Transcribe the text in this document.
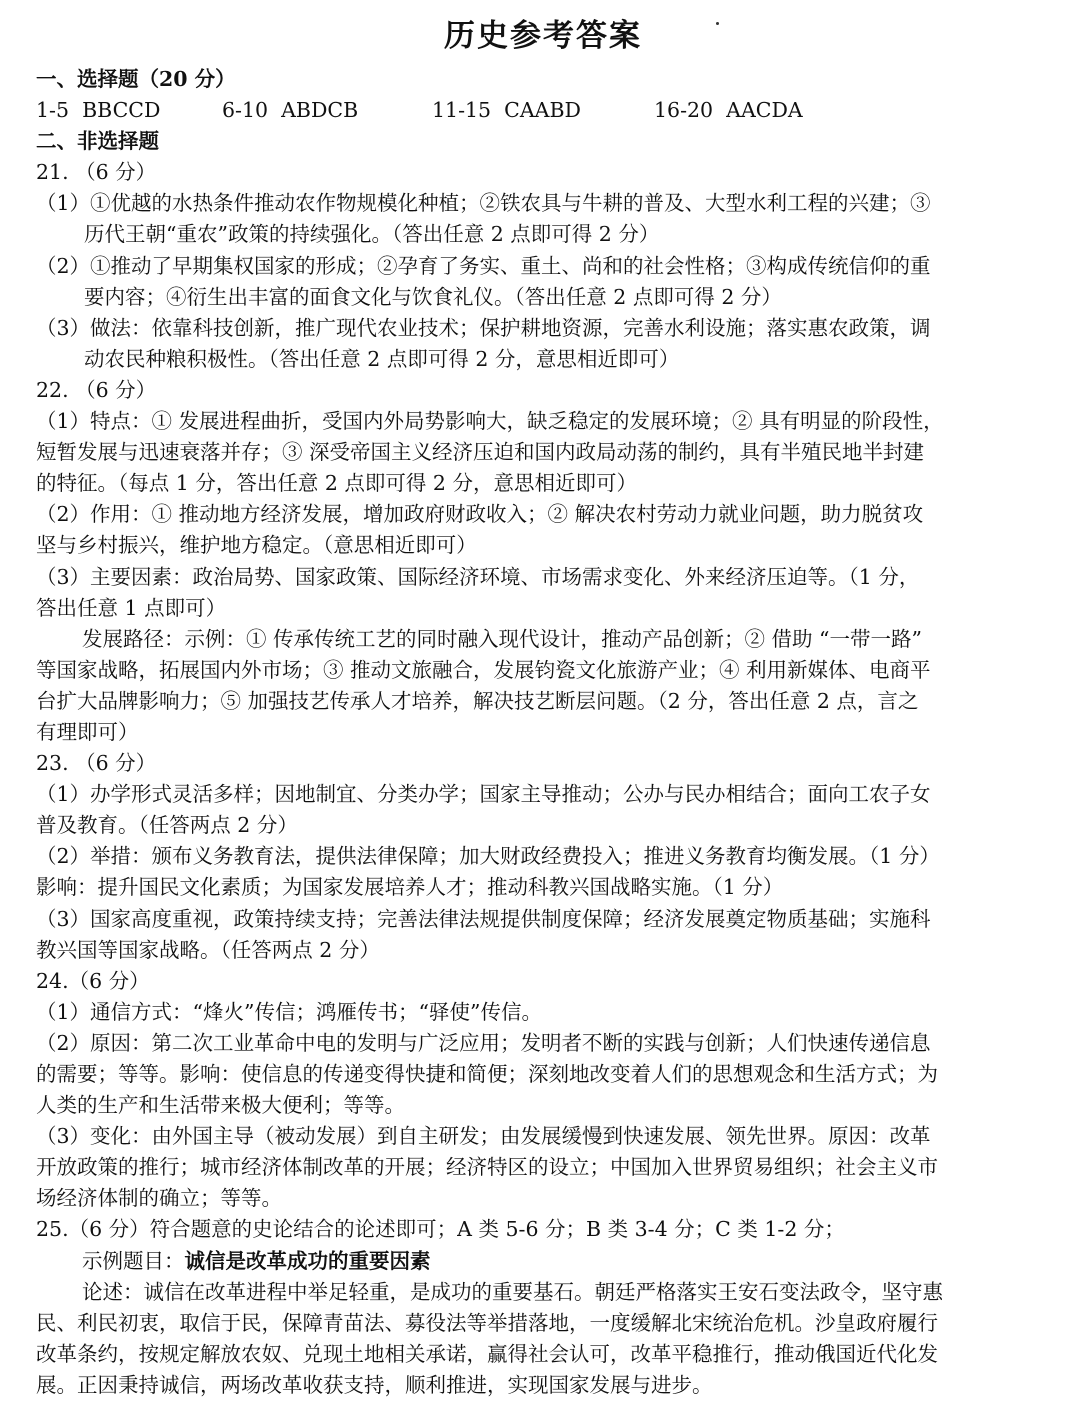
历史参考答案
一、选择题（20 分）
1-5 BBCCD	6-10 ABDCB	11-15 CAABD	16-20 AACDA
二、非选择题
21. （6 分）
（1）①优越的水热条件推动农作物规模化种植；②铁农具与牛耕的普及、大型水利工程的兴建；③
历代王朝“重农”政策的持续强化。（答出任意 2 点即可得 2 分）
（2）①推动了早期集权国家的形成；②孕育了务实、重土、尚和的社会性格；③构成传统信仰的重
要内容；④衍生出丰富的面食文化与饮食礼仪。（答出任意 2 点即可得 2 分）
（3）做法：依靠科技创新，推广现代农业技术；保护耕地资源，完善水利设施；落实惠农政策，调
动农民种粮积极性。（答出任意 2 点即可得 2 分，意思相近即可）
22. （6 分）
（1）特点：① 发展进程曲折，受国内外局势影响大，缺乏稳定的发展环境；② 具有明显的阶段性，
短暂发展与迅速衰落并存；③ 深受帝国主义经济压迫和国内政局动荡的制约，具有半殖民地半封建
的特征。（每点 1 分，答出任意 2 点即可得 2 分，意思相近即可）
（2）作用：① 推动地方经济发展，增加政府财政收入；② 解决农村劳动力就业问题，助力脱贫攻
坚与乡村振兴，维护地方稳定。（意思相近即可）
（3）主要因素：政治局势、国家政策、国际经济环境、市场需求变化、外来经济压迫等。（1 分，
答出任意 1 点即可）
发展路径：示例：① 传承传统工艺的同时融入现代设计，推动产品创新；② 借助 “一带一路”
等国家战略，拓展国内外市场；③ 推动文旅融合，发展钧瓷文化旅游产业；④ 利用新媒体、电商平
台扩大品牌影响力；⑤ 加强技艺传承人才培养，解决技艺断层问题。（2 分，答出任意 2 点，言之
有理即可）
23. （6 分）
（1）办学形式灵活多样；因地制宜、分类办学；国家主导推动；公办与民办相结合；面向工农子女
普及教育。（任答两点 2 分）
（2）举措：颁布义务教育法，提供法律保障；加大财政经费投入；推进义务教育均衡发展。（1 分）
影响：提升国民文化素质；为国家发展培养人才；推动科教兴国战略实施。（1 分）
（3）国家高度重视，政策持续支持；完善法律法规提供制度保障；经济发展奠定物质基础；实施科
教兴国等国家战略。（任答两点 2 分）
24.（6 分）
（1）通信方式：“烽火”传信；鸿雁传书；“驿使”传信。
（2）原因：第二次工业革命中电的发明与广泛应用；发明者不断的实践与创新；人们快速传递信息
的需要；等等。影响：使信息的传递变得快捷和简便；深刻地改变着人们的思想观念和生活方式；为
人类的生产和生活带来极大便利；等等。
（3）变化：由外国主导（被动发展）到自主研发；由发展缓慢到快速发展、领先世界。原因：改革
开放政策的推行；城市经济体制改革的开展；经济特区的设立；中国加入世界贸易组织；社会主义市
场经济体制的确立；等等。
25.（6 分）符合题意的史论结合的论述即可；A 类 5-6 分；B 类 3-4 分；C 类 1-2 分；
示例题目：诚信是改革成功的重要因素
论述：诚信在改革进程中举足轻重，是成功的重要基石。朝廷严格落实王安石变法政令，坚守惠
民、利民初衷，取信于民，保障青苗法、募役法等举措落地，一度缓解北宋统治危机。沙皇政府履行
改革条约，按规定解放农奴、兑现土地相关承诺，赢得社会认可，改革平稳推行，推动俄国近代化发
展。正因秉持诚信，两场改革收获支持，顺利推进，实现国家发展与进步。
